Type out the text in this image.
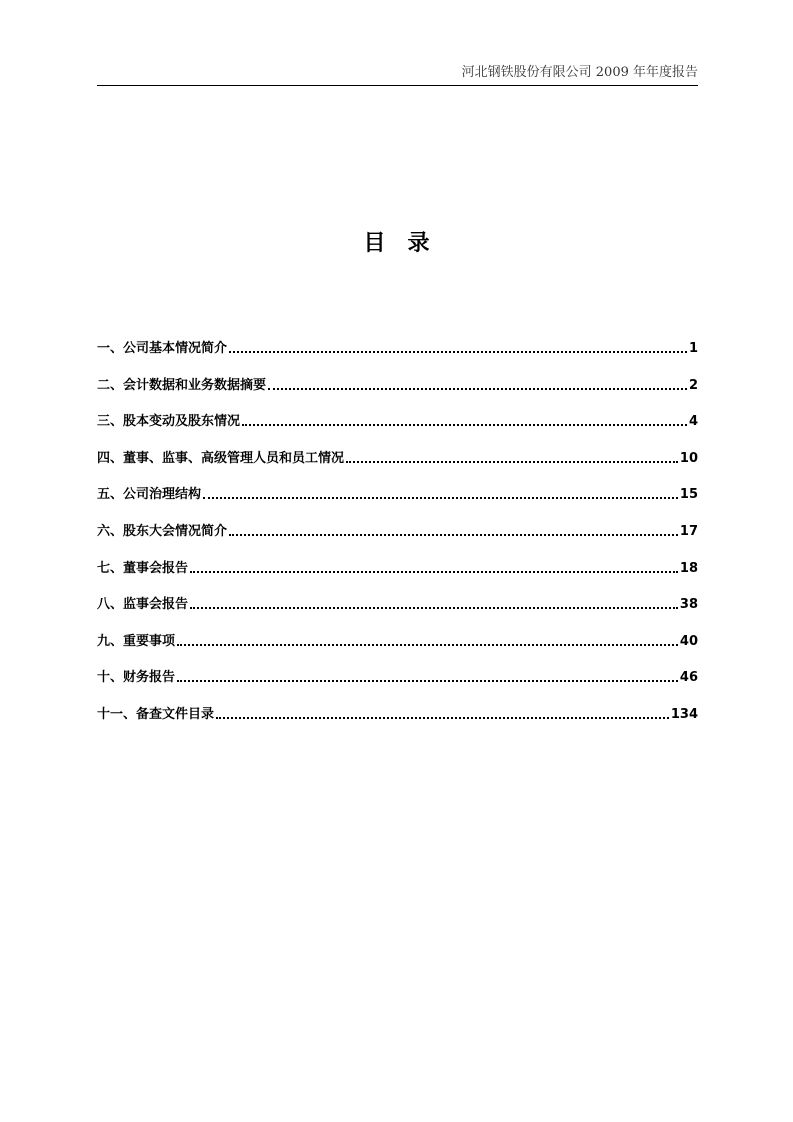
河北钢铁股份有限公司 2009 年年度报告
目录
一、公司基本情况简介	1
二、会计数据和业务数据摘要	2
三、股本变动及股东情况	4
四、董事、监事、高级管理人员和员工情况	10
五、公司治理结构	15
六、股东大会情况简介	17
七、董事会报告	18
八、监事会报告	38
九、重要事项	40
十、财务报告	46
十一、备查文件目录	134
